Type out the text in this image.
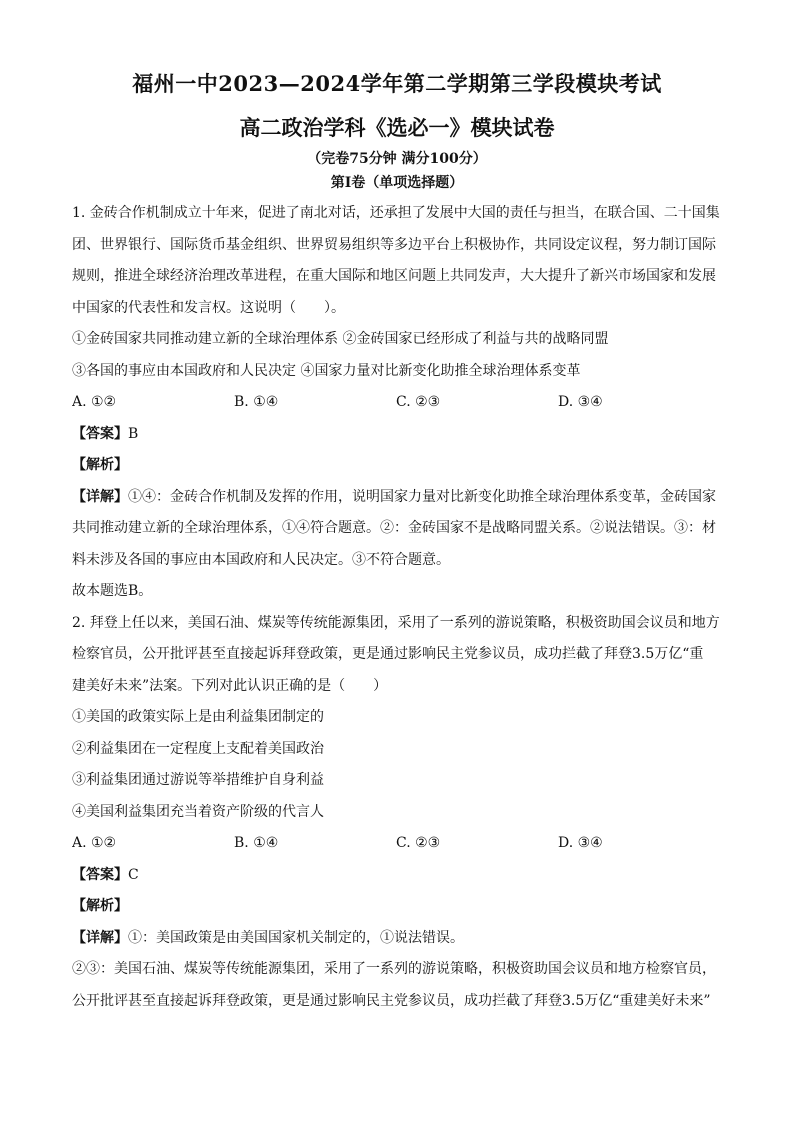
福州一中2023—2024学年第二学期第三学段模块考试
高二政治学科《选必一》模块试卷
（完卷75分钟 满分100分）
第Ⅰ卷（单项选择题）
1. 金砖合作机制成立十年来，促进了南北对话，还承担了发展中大国的责任与担当，在联合国、二十国集
团、世界银行、国际货币基金组织、世界贸易组织等多边平台上积极协作，共同设定议程，努力制订国际
规则，推进全球经济治理改革进程，在重大国际和地区问题上共同发声，大大提升了新兴市场国家和发展
中国家的代表性和发言权。这说明（　　）。
①金砖国家共同推动建立新的全球治理体系 ②金砖国家已经形成了利益与共的战略同盟
③各国的事应由本国政府和人民决定 ④国家力量对比新变化助推全球治理体系变革
A. ①②	B. ①④	C. ②③	D. ③④
【答案】B
【解析】
【详解】①④：金砖合作机制及发挥的作用，说明国家力量对比新变化助推全球治理体系变革，金砖国家
共同推动建立新的全球治理体系，①④符合题意。②：金砖国家不是战略同盟关系。②说法错误。③：材
料未涉及各国的事应由本国政府和人民决定。③不符合题意。
故本题选B。
2. 拜登上任以来，美国石油、煤炭等传统能源集团，采用了一系列的游说策略，积极资助国会议员和地方
检察官员，公开批评甚至直接起诉拜登政策，更是通过影响民主党参议员，成功拦截了拜登3.5万亿“重
建美好未来”法案。下列对此认识正确的是（　　）
①美国的政策实际上是由利益集团制定的
②利益集团在一定程度上支配着美国政治
③利益集团通过游说等举措维护自身利益
④美国利益集团充当着资产阶级的代言人
A. ①②	B. ①④	C. ②③	D. ③④
【答案】C
【解析】
【详解】①：美国政策是由美国国家机关制定的，①说法错误。
②③：美国石油、煤炭等传统能源集团，采用了一系列的游说策略，积极资助国会议员和地方检察官员，
公开批评甚至直接起诉拜登政策，更是通过影响民主党参议员，成功拦截了拜登3.5万亿“重建美好未来”
